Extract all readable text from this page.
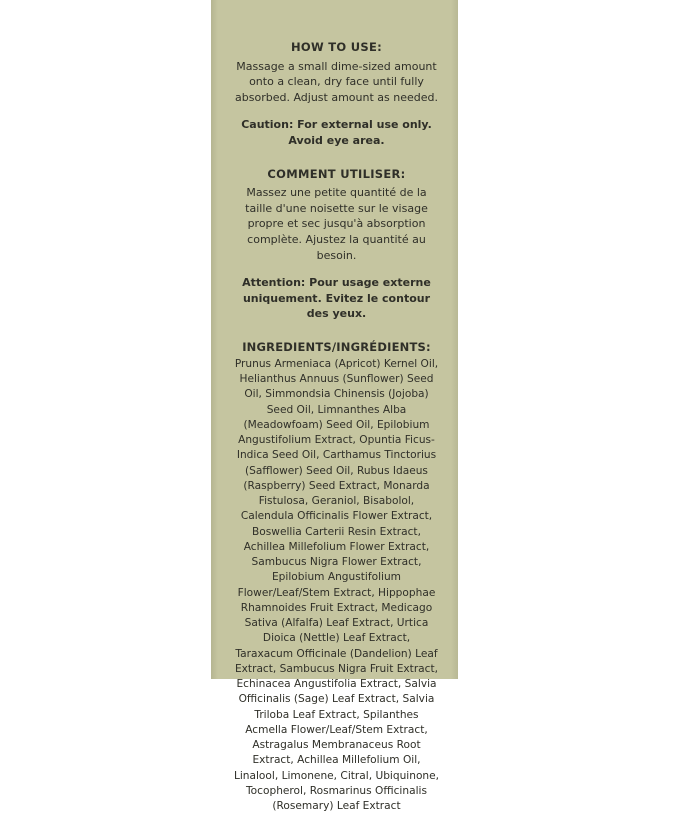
HOW TO USE:

Massage a small dime-sized amount onto a clean, dry face until fully absorbed. Adjust amount as needed.

Caution: For external use only. Avoid eye area.

COMMENT UTILISER:

Massez une petite quantité de la taille d'une noisette sur le visage propre et sec jusqu'à absorption complète. Ajustez la quantité au besoin.

Attention: Pour usage externe uniquement. Evitez le contour des yeux.

INGREDIENTS/INGRÉDIENTS:

Prunus Armeniaca (Apricot) Kernel Oil, Helianthus Annuus (Sunflower) Seed Oil, Simmondsia Chinensis (Jojoba) Seed Oil, Limnanthes Alba (Meadowfoam) Seed Oil, Epilobium Angustifolium Extract, Opuntia Ficus-Indica Seed Oil, Carthamus Tinctorius (Safflower) Seed Oil, Rubus Idaeus (Raspberry) Seed Extract, Monarda Fistulosa, Geraniol, Bisabolol, Calendula Officinalis Flower Extract, Boswellia Carterii Resin Extract, Achillea Millefolium Flower Extract, Sambucus Nigra Flower Extract, Epilobium Angustifolium Flower/Leaf/Stem Extract, Hippophae Rhamnoides Fruit Extract, Medicago Sativa (Alfalfa) Leaf Extract, Urtica Dioica (Nettle) Leaf Extract, Taraxacum Officinale (Dandelion) Leaf Extract, Sambucus Nigra Fruit Extract, Echinacea Angustifolia Extract, Salvia Officinalis (Sage) Leaf Extract, Salvia Triloba Leaf Extract, Spilanthes Acmella Flower/Leaf/Stem Extract, Astragalus Membranaceus Root Extract, Achillea Millefolium Oil, Linalool, Limonene, Citral, Ubiquinone, Tocopherol, Rosmarinus Officinalis (Rosemary) Leaf Extract
